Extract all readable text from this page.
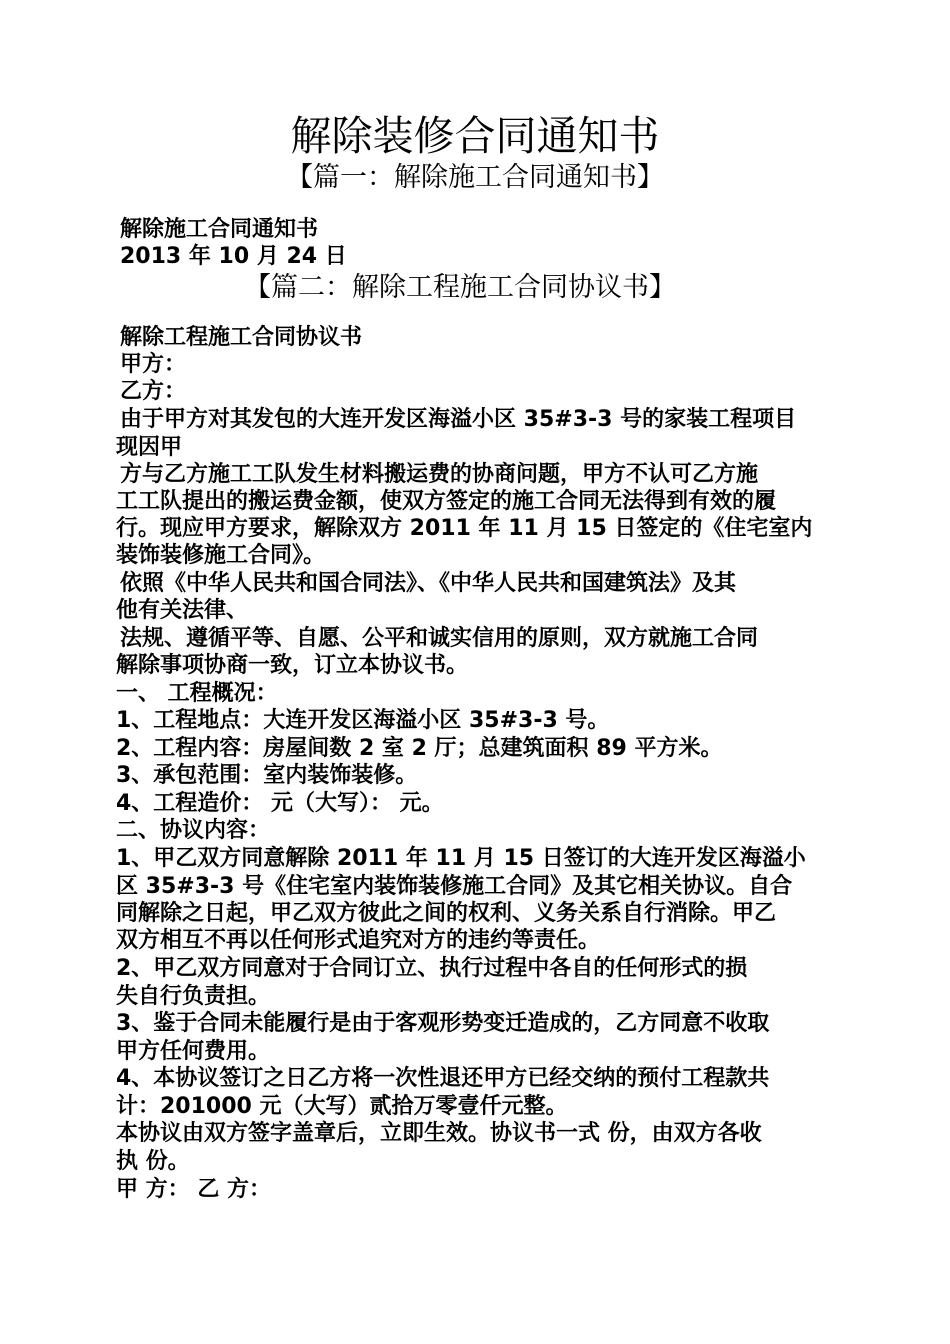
解除装修合同通知书
【篇一：解除施工合同通知书】
解除施工合同通知书
2013 年 10 月 24 日
【篇二：解除工程施工合同协议书】
解除工程施工合同协议书
甲方：
乙方：
由于甲方对其发包的大连开发区海溢小区 35#3-3 号的家装工程项目
现因甲
方与乙方施工工队发生材料搬运费的协商问题，甲方不认可乙方施
工工队提出的搬运费金额，使双方签定的施工合同无法得到有效的履
行。现应甲方要求，解除双方 2011 年 11 月 15 日签定的《住宅室内
装饰装修施工合同》。
依照《中华人民共和国合同法》、《中华人民共和国建筑法》及其
他有关法律、
法规、遵循平等、自愿、公平和诚实信用的原则，双方就施工合同
解除事项协商一致，订立本协议书。
一、 工程概况：
1、工程地点：大连开发区海溢小区 35#3-3 号。
2、工程内容：房屋间数 2 室 2 厅；总建筑面积 89 平方米。
3、承包范围：室内装饰装修。
4、工程造价： 元（大写）： 元。
二、协议内容：
1、甲乙双方同意解除 2011 年 11 月 15 日签订的大连开发区海溢小
区 35#3-3 号《住宅室内装饰装修施工合同》及其它相关协议。自合
同解除之日起，甲乙双方彼此之间的权利、义务关系自行消除。甲乙
双方相互不再以任何形式追究对方的违约等责任。
2、甲乙双方同意对于合同订立、执行过程中各自的任何形式的损
失自行负责担。
3、鉴于合同未能履行是由于客观形势变迁造成的，乙方同意不收取
甲方任何费用。
4、本协议签订之日乙方将一次性退还甲方已经交纳的预付工程款共
计：201000 元（大写）贰拾万零壹仟元整。
本协议由双方签字盖章后，立即生效。协议书一式 份，由双方各收
执 份。
甲 方： 乙 方：
